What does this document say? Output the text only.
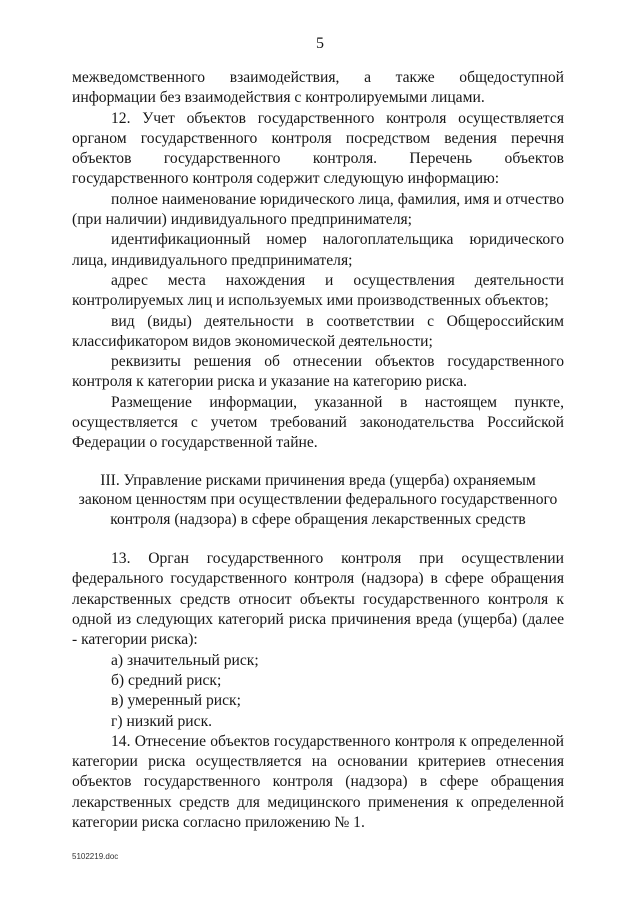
5

межведомственного взаимодействия, а также общедоступной информации без взаимодействия с контролируемыми лицами.

12. Учет объектов государственного контроля осуществляется органом государственного контроля посредством ведения перечня объектов государственного контроля. Перечень объектов государственного контроля содержит следующую информацию:

полное наименование юридического лица, фамилия, имя и отчество (при наличии) индивидуального предпринимателя;

идентификационный номер налогоплательщика юридического лица, индивидуального предпринимателя;

адрес места нахождения и осуществления деятельности контролируемых лиц и используемых ими производственных объектов;

вид (виды) деятельности в соответствии с Общероссийским классификатором видов экономической деятельности;

реквизиты решения об отнесении объектов государственного контроля к категории риска и указание на категорию риска.

Размещение информации, указанной в настоящем пункте, осуществляется с учетом требований законодательства Российской Федерации о государственной тайне.

III. Управление рисками причинения вреда (ущерба) охраняемым законом ценностям при осуществлении федерального государственного контроля (надзора) в сфере обращения лекарственных средств

13. Орган государственного контроля при осуществлении федерального государственного контроля (надзора) в сфере обращения лекарственных средств относит объекты государственного контроля к одной из следующих категорий риска причинения вреда (ущерба) (далее - категории риска):

а) значительный риск;

б) средний риск;

в) умеренный риск;

г) низкий риск.

14. Отнесение объектов государственного контроля к определенной категории риска осуществляется на основании критериев отнесения объектов государственного контроля (надзора) в сфере обращения лекарственных средств для медицинского применения к определенной категории риска согласно приложению № 1.

5102219.doc
